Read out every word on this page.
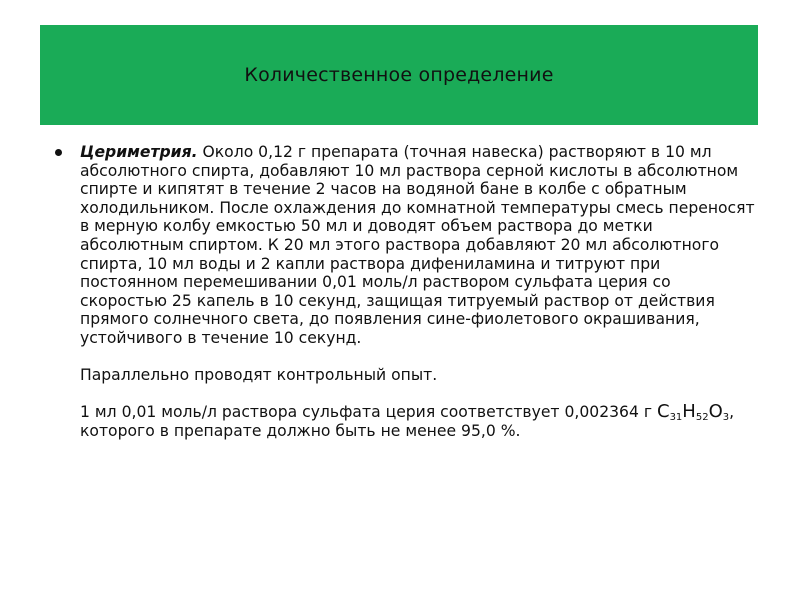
Количественное определение
Цериметрия. Около 0,12 г препарата (точная навеска) растворяют в 10 мл абсолютного спирта, добавляют 10 мл раствора серной кислоты в абсолютном спирте и кипятят в течение 2 часов на водяной бане в колбе с обратным холодильником. После охлаждения до комнатной температуры смесь переносят в мерную колбу емкостью 50 мл и доводят объем раствора до метки абсолютным спиртом. К 20 мл этого раствора добавляют 20 мл абсолютного спирта, 10 мл воды и 2 капли раствора дифениламина и титруют при постоянном перемешивании 0,01 моль/л раствором сульфата церия со скоростью 25 капель в 10 секунд, защищая титруемый раствор от действия прямого солнечного света, до появления сине-фиолетового окрашивания, устойчивого в течение 10 секунд.
Параллельно проводят контрольный опыт.
1 мл 0,01 моль/л раствора сульфата церия соответствует 0,002364 г $C_{31}H_{52}O_3$, которого в препарате должно быть не менее 95,0 %.
